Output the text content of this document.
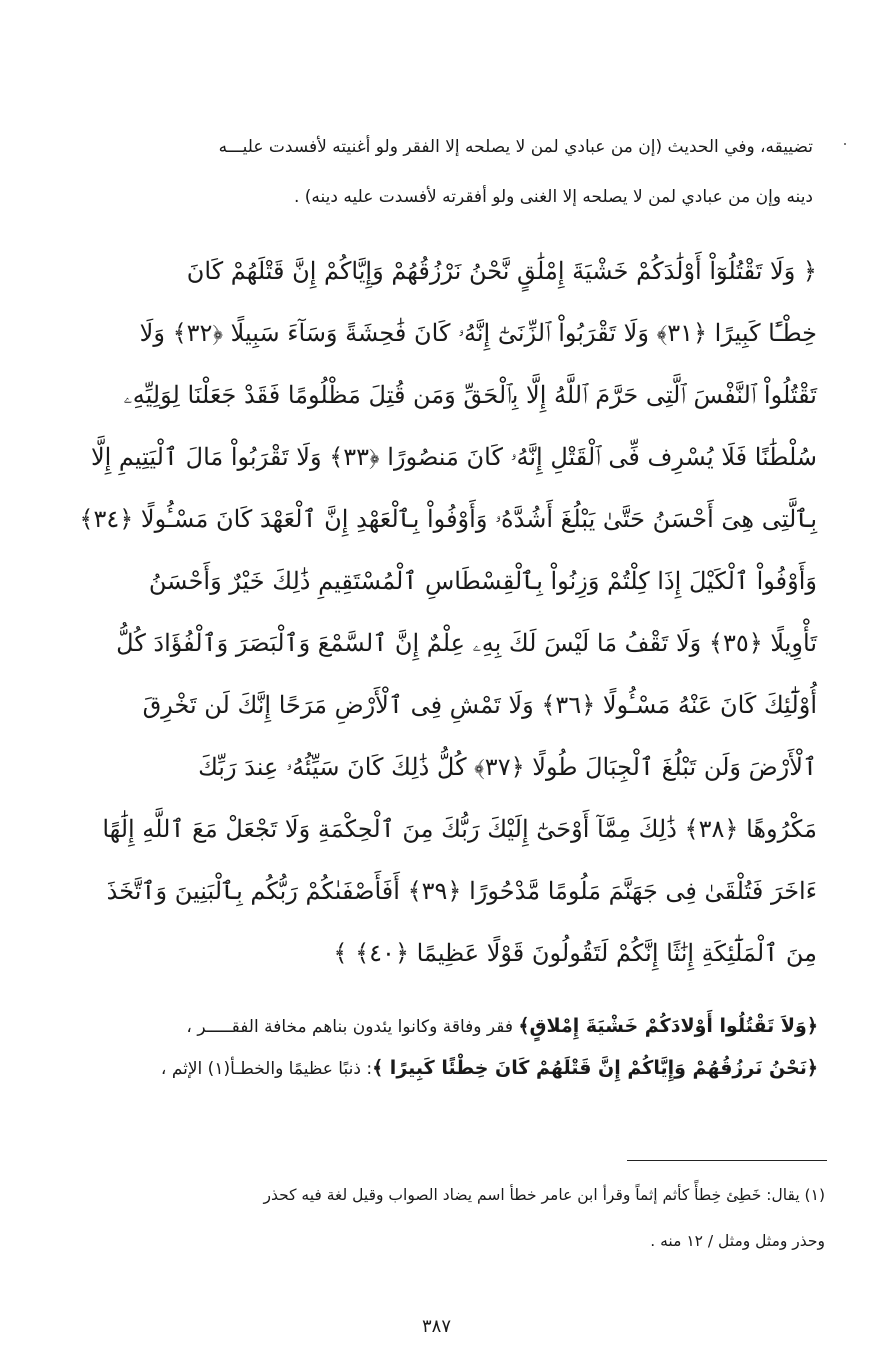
تضييقه، وفي الحديث (إن من عبادي لمن لا يصلحه إلا الفقر ولو أغنيته لأفسدت عليـــه
دينه وإن من عبادي لمن لا يصلحه إلا الغنى ولو أفقرته لأفسدت عليه دينه) .
﴿ وَلَا تَقْتُلُوٓاْ أَوْلَٰدَكُمْ خَشْيَةَ إِمْلَٰقٍ نَّحْنُ نَرْزُقُهُمْ وَإِيَّاكُمْ إِنَّ قَتْلَهُمْ كَانَ
خِطْـًٔا كَبِيرًا ﴿٣١﴾ وَلَا تَقْرَبُواْ ٱلزِّنَىٰٓ إِنَّهُۥ كَانَ فَٰحِشَةً وَسَآءَ سَبِيلًا ﴿٣٢﴾ وَلَا
تَقْتُلُواْ ٱلنَّفْسَ ٱلَّتِى حَرَّمَ ٱللَّهُ إِلَّا بِٱلْحَقِّ وَمَن قُتِلَ مَظْلُومًا فَقَدْ جَعَلْنَا لِوَلِيِّهِۦ
سُلْطَٰنًا فَلَا يُسْرِف فِّى ٱلْقَتْلِ إِنَّهُۥ كَانَ مَنصُورًا ﴿٣٣﴾ وَلَا تَقْرَبُواْ مَالَ ٱلْيَتِيمِ إِلَّا
بِٱلَّتِى هِىَ أَحْسَنُ حَتَّىٰ يَبْلُغَ أَشُدَّهُۥ وَأَوْفُواْ بِٱلْعَهْدِ إِنَّ ٱلْعَهْدَ كَانَ مَسْـُٔولًا ﴿٣٤﴾
وَأَوْفُواْ ٱلْكَيْلَ إِذَا كِلْتُمْ وَزِنُواْ بِٱلْقِسْطَاسِ ٱلْمُسْتَقِيمِ ذَٰلِكَ خَيْرٌ وَأَحْسَنُ
تَأْوِيلًا ﴿٣٥﴾ وَلَا تَقْفُ مَا لَيْسَ لَكَ بِهِۦ عِلْمٌ إِنَّ ٱلسَّمْعَ وَٱلْبَصَرَ وَٱلْفُؤَادَ كُلُّ
أُوْلَٰٓئِكَ كَانَ عَنْهُ مَسْـُٔولًا ﴿٣٦﴾ وَلَا تَمْشِ فِى ٱلْأَرْضِ مَرَحًا إِنَّكَ لَن تَخْرِقَ
ٱلْأَرْضَ وَلَن تَبْلُغَ ٱلْجِبَالَ طُولًا ﴿٣٧﴾ كُلُّ ذَٰلِكَ كَانَ سَيِّئُهُۥ عِندَ رَبِّكَ
مَكْرُوهًا ﴿٣٨﴾ ذَٰلِكَ مِمَّآ أَوْحَىٰٓ إِلَيْكَ رَبُّكَ مِنَ ٱلْحِكْمَةِ وَلَا تَجْعَلْ مَعَ ٱللَّهِ إِلَٰهًا
ءَاخَرَ فَتُلْقَىٰ فِى جَهَنَّمَ مَلُومًا مَّدْحُورًا ﴿٣٩﴾ أَفَأَصْفَىٰكُمْ رَبُّكُم بِٱلْبَنِينَ وَٱتَّخَذَ
مِنَ ٱلْمَلَٰٓئِكَةِ إِنَٰثًا إِنَّكُمْ لَتَقُولُونَ قَوْلًا عَظِيمًا ﴿٤٠﴾ ﴾
﴿وَلاَ تَقْتُلُوا أَوْلادَكُمْ خَشْيَةَ إِمْلاقٍ﴾ فقر وفاقة وكانوا يئدون بناهم مخافة الفقـــــر ،
﴿نَحْنُ نَرزُقُهُمْ وَإِيَّاكُمْ إِنَّ قَتْلَهُمْ كَانَ خِطْئًا كَبِيرًا ﴾: ذنبًا عظيمًا والخطـأ(١) الإثم ،
(١) يقال: خَطِئ خِطأً كأثم إثماً وقرأ ابن عامر خطأ اسم يضاد الصواب وقيل لغة فيه كحذر
وحذر ومثل ومثل / ١٢ منه .
٣٨٧
